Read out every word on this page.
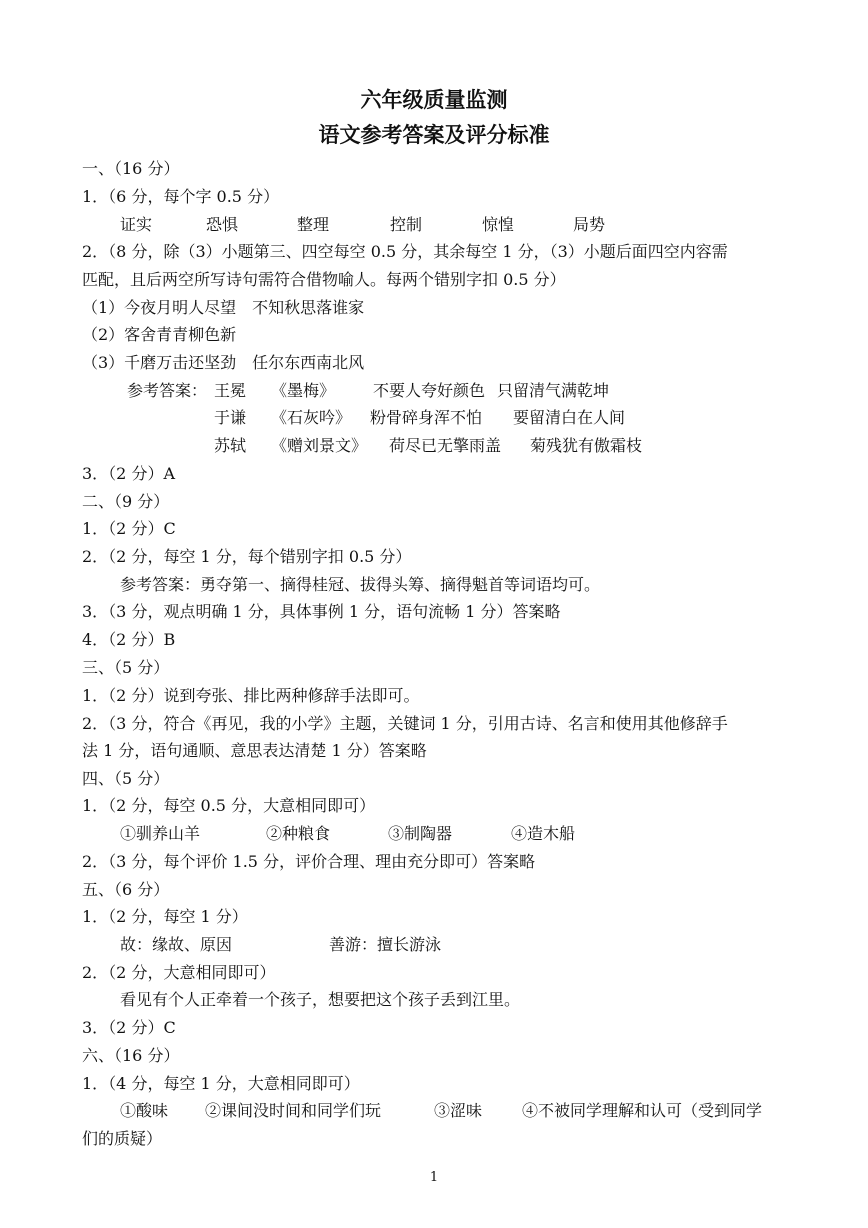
六年级质量监测
语文参考答案及评分标准
一、（16 分）
1．（6 分，每个字 0.5 分）
证实	恐惧	整理	控制	惊惶	局势
2．（8 分，除（3）小题第三、四空每空 0.5 分，其余每空 1 分，（3）小题后面四空内容需
匹配，且后两空所写诗句需符合借物喻人。每两个错别字扣 0.5 分）
（1）今夜月明人尽望　不知秋思落谁家
（2）客舍青青柳色新
（3）千磨万击还坚劲　任尔东西南北风
参考答案： 王冕 《墨梅》 不要人夸好颜色 只留清气满乾坤
于谦 《石灰吟》 粉骨碎身浑不怕 要留清白在人间
苏轼 《赠刘景文》 荷尽已无擎雨盖 菊残犹有傲霜枝
3．（2 分）A
二、（9 分）
1．（2 分）C
2．（2 分，每空 1 分，每个错别字扣 0.5 分）
参考答案：勇夺第一、摘得桂冠、拔得头筹、摘得魁首等词语均可。
3．（3 分，观点明确 1 分，具体事例 1 分，语句流畅 1 分）答案略
4．（2 分）B
三、（5 分）
1．（2 分）说到夸张、排比两种修辞手法即可。
2．（3 分，符合《再见，我的小学》主题，关键词 1 分，引用古诗、名言和使用其他修辞手
法 1 分，语句通顺、意思表达清楚 1 分）答案略
四、（5 分）
1．（2 分，每空 0.5 分，大意相同即可）
①驯养山羊	②种粮食	③制陶器	④造木船
2．（3 分，每个评价 1.5 分，评价合理、理由充分即可）答案略
五、（6 分）
1．（2 分，每空 1 分）
故：缘故、原因	善游：擅长游泳
2．（2 分，大意相同即可）
看见有个人正牵着一个孩子，想要把这个孩子丢到江里。
3．（2 分）C
六、（16 分）
1．（4 分，每空 1 分，大意相同即可）
①酸味 ②课间没时间和同学们玩	③涩味 ④不被同学理解和认可（受到同学
们的质疑）
1
